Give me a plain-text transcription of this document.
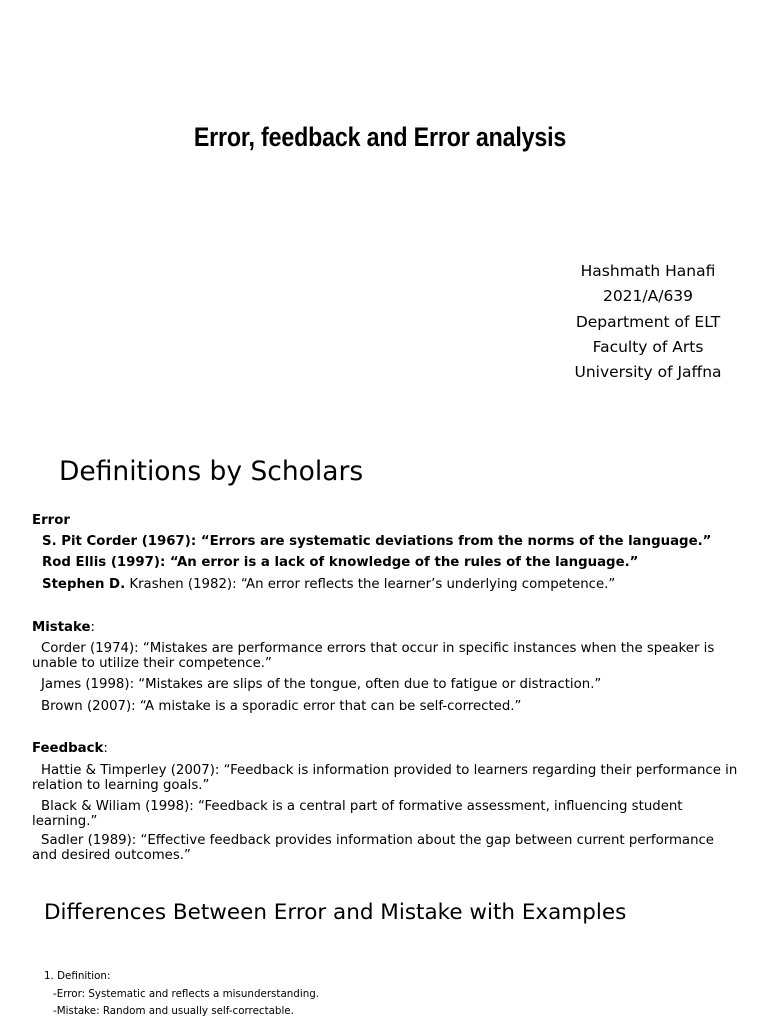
Error, feedback and Error analysis
Hashmath Hanafi
2021/A/639
Department of ELT
Faculty of Arts
University of Jaffna
Definitions by Scholars
Error
S. Pit Corder (1967): “Errors are systematic deviations from the norms of the language.”
Rod Ellis (1997): “An error is a lack of knowledge of the rules of the language.”
Stephen D. Krashen (1982): “An error reflects the learner’s underlying competence.”
Mistake:
Corder (1974): “Mistakes are performance errors that occur in specific instances when the speaker is unable to utilize their competence.”
James (1998): “Mistakes are slips of the tongue, often due to fatigue or distraction.”
Brown (2007): “A mistake is a sporadic error that can be self-corrected.”
Feedback:
Hattie & Timperley (2007): “Feedback is information provided to learners regarding their performance in relation to learning goals.”
Black & Wiliam (1998): “Feedback is a central part of formative assessment, influencing student learning.”
Sadler (1989): “Effective feedback provides information about the gap between current performance and desired outcomes.”
Differences Between Error and Mistake with Examples
1. Definition:
-Error: Systematic and reflects a misunderstanding.
-Mistake: Random and usually self-correctable.
